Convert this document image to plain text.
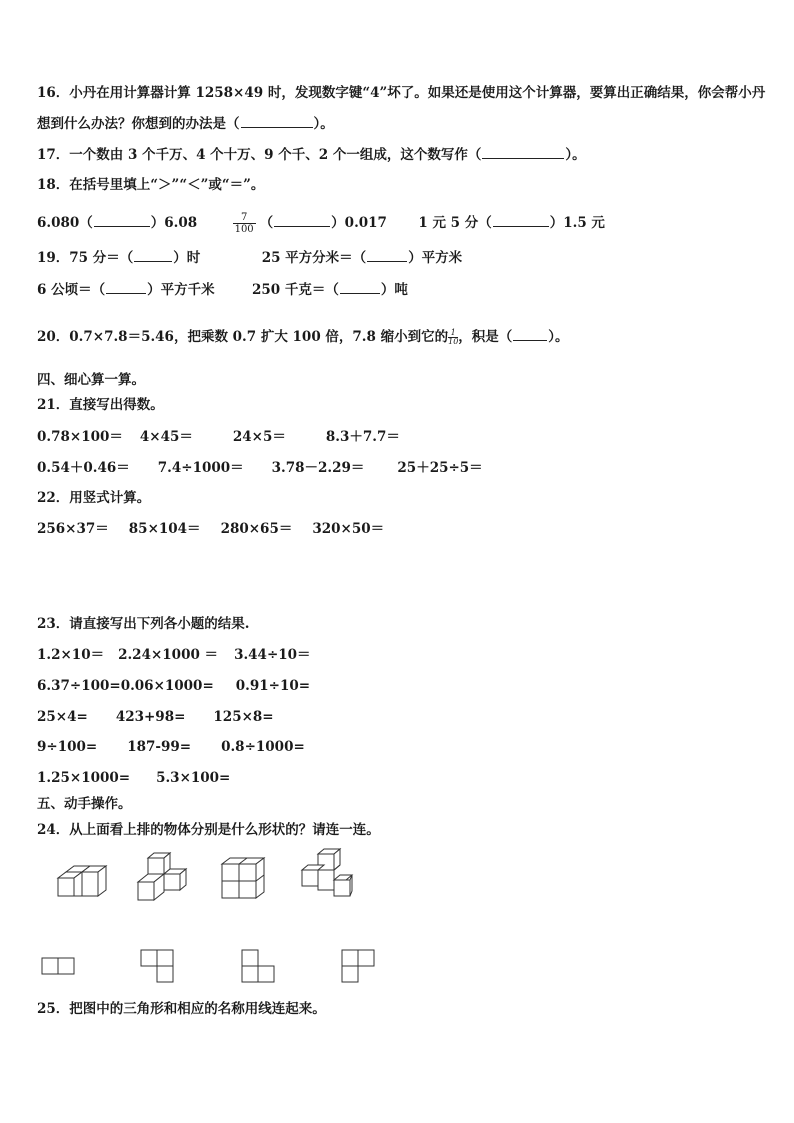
16．小丹在用计算器计算 1258×49 时，发现数字键“4”坏了。如果还是使用这个计算器，要算出正确结果，你会帮小丹
想到什么办法？你想到的办法是（	）。
17．一个数由 3 个千万、4 个十万、9 个千、2 个一组成，这个数写作（	）。
18．在括号里填上“＞”“＜”或“＝”。
6.080（	）6.08	$\frac{7}{100}$ （	）0.017 1 元 5 分（	）1.5 元
19．75 分＝（	）时	25 平方分米＝（	）平方米
6 公顷＝（	）平方千米	250 千克＝（	）吨
20．0.7×7.8＝5.46，把乘数 0.7 扩大 100 倍，7.8 缩小到它的 $\frac{1}{10}$，积是（	）。
四、细心算一算。
21．直接写出得数。
0.78×100＝ 4×45＝	24×5＝	8.3＋7.7＝
0.54＋0.46＝ 7.4÷1000＝ 3.78－2.29＝ 25＋25÷5＝
22．用竖式计算。
256×37＝ 85×104＝ 280×65＝ 320×50＝
23．请直接写出下列各小题的结果.
1.2×10＝ 2.24×1000 ＝ 3.44÷10＝
6.37÷100=0.06×1000= 0.91÷10=
25×4= 423+98= 125×8=
9÷100= 187-99= 0.8÷1000=
1.25×1000= 5.3×100=
五、动手操作。
24．从上面看上排的物体分别是什么形状的？请连一连。
25．把图中的三角形和相应的名称用线连起来。
